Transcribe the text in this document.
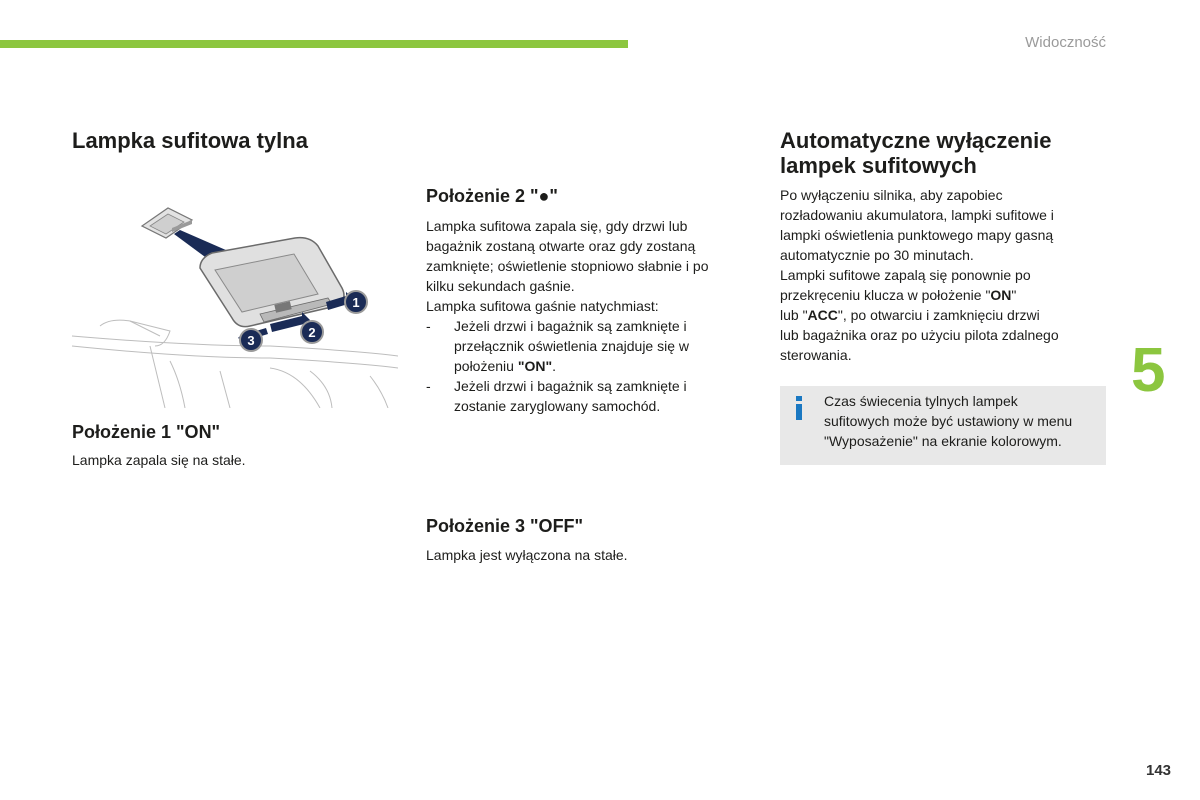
Widoczność
Lampka sufitowa tylna
1
2
3
Położenie 1 "ON"

Lampka zapala się na stałe.

Położenie 2 "●"

Lampka sufitowa zapala się, gdy drzwi lub

bagażnik zostaną otwarte oraz gdy zostaną

zamknięte; oświetlenie stopniowo słabnie i po

kilku sekundach gaśnie.

Lampka sufitowa gaśnie natychmiast:

- Jeżeli drzwi i bagażnik są zamknięte i
przełącznik oświetlenia znajduje się w
położeniu "ON".
- Jeżeli drzwi i bagażnik są zamknięte i
zostanie zaryglowany samochód.
Położenie 3 "OFF"

Lampka jest wyłączona na stałe.

Automatyczne wyłączenie
lampek sufitowych

Po wyłączeniu silnika, aby zapobiec

rozładowaniu akumulatora, lampki sufitowe i

lampki oświetlenia punktowego mapy gasną

automatycznie po 30 minutach.

Lampki sufitowe zapalą się ponownie po

przekręceniu klucza w położenie "ON"

lub "ACC", po otwarciu i zamknięciu drzwi

lub bagażnika oraz po użyciu pilota zdalnego

sterowania.

Czas świecenia tylnych lampek
sufitowych może być ustawiony w menu
"Wyposażenie" na ekranie kolorowym.

5
143
